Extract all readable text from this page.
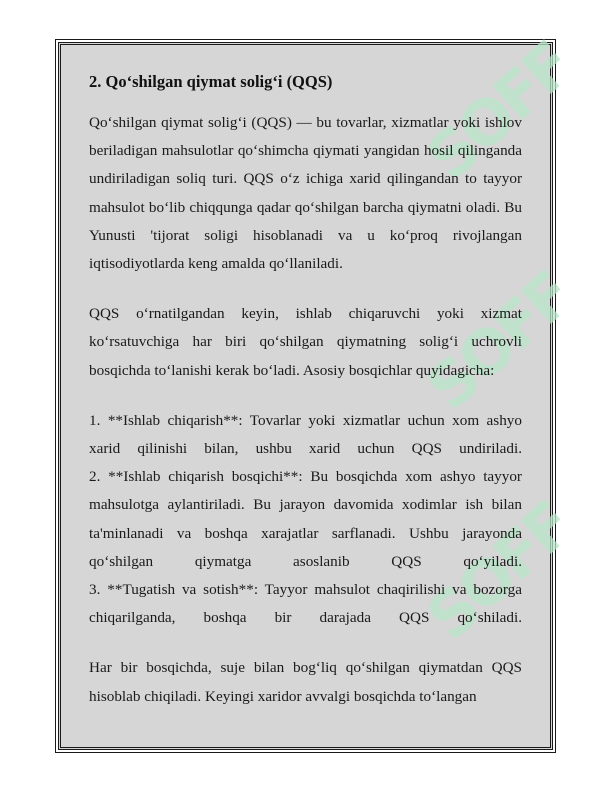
SOFF
SOFF
SOFF
2. Qo‘shilgan qiymat solig‘i (QQS)

Qo‘shilgan qiymat solig‘i (QQS) — bu tovarlar, xizmatlar yoki ishlov beriladigan mahsulotlar qo‘shimcha qiymati yangidan hosil qilinganda undiriladigan soliq turi. QQS o‘z ichiga xarid qilingandan to tayyor mahsulot bo‘lib chiqqunga qadar qo‘shilgan barcha qiymatni oladi. Bu Yunusti 'tijorat soligi hisoblanadi va u ko‘proq rivojlangan iqtisodiyotlarda keng amalda qo‘llaniladi.

QQS o‘rnatilgandan keyin, ishlab chiqaruvchi yoki xizmat ko‘rsatuvchiga har biri qo‘shilgan qiymatning solig‘i uchrovli bosqichda to‘lanishi kerak bo‘ladi. Asosiy bosqichlar quyidagicha:

1. **Ishlab chiqarish**: Tovarlar yoki xizmatlar uchun xom ashyo xarid qilinishi bilan, ushbu xarid uchun QQS undiriladi.
2. **Ishlab chiqarish bosqichi**: Bu bosqichda xom ashyo tayyor mahsulotga aylantiriladi. Bu jarayon davomida xodimlar ish bilan ta'minlanadi va boshqa xarajatlar sarflanadi. Ushbu jarayonda qo‘shilgan qiymatga asoslanib QQS qo‘yiladi.
3. **Tugatish va sotish**: Tayyor mahsulot chaqirilishi va bozorga chiqarilganda, boshqa bir darajada QQS qo‘shiladi.

Har bir bosqichda, suje bilan bog‘liq qo‘shilgan qiymatdan QQS hisoblab chiqiladi. Keyingi xaridor avvalgi bosqichda to‘langan
